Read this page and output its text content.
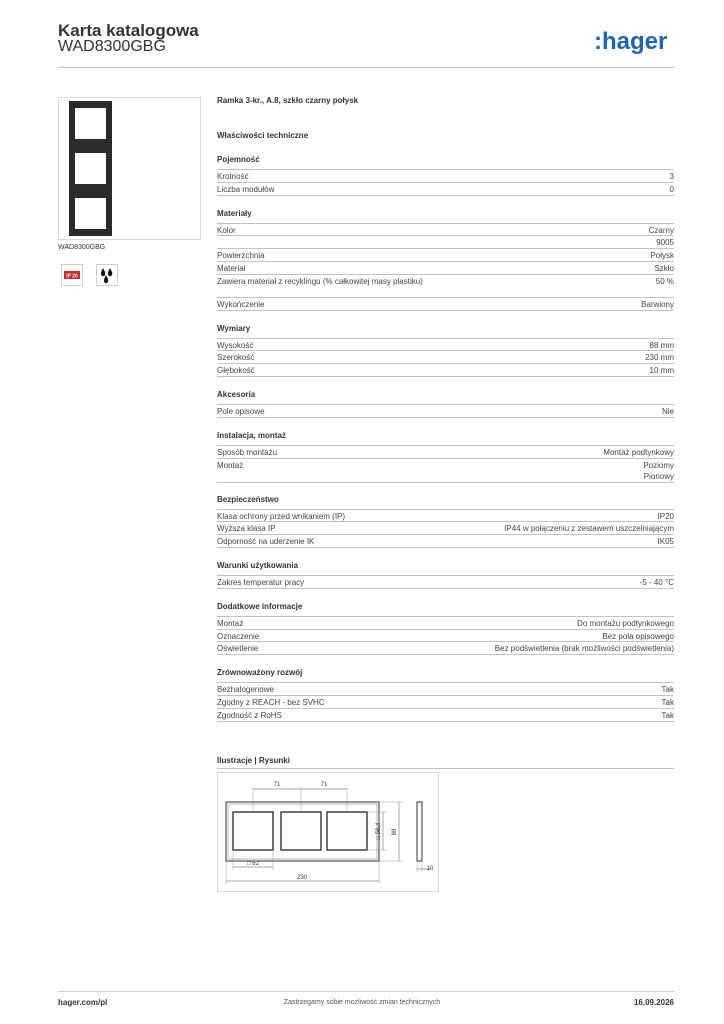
Karta katalogowa
WAD8300GBG	:hager
WAD8300GBG
IP 20
Ramka 3-kr., A.8, szkło czarny połysk
Właściwości techniczne
Pojemność
Krotność	3
Liczba modułów	0
Materiały
Kolor	Czarny
9005
Powierzchnia	Połysk
Materiał	Szkło
Zawiera materiał z recyklingu (% całkowitej masy plastiku)	50 %
Wykończenie	Barwiony
Wymiary
Wysokość	88 mm
Szerokość	230 mm
Głębokość	10 mm
Akcesoria
Pole opisowe	Nie
Instalacja, montaż
Sposób montażu	Montaż podtynkowy
Montaż	Poziomy
Pionowy
Bezpieczeństwo
Klasa ochrony przed wnikaniem (IP)	IP20
Wyższa klasa IP	IP44 w połączeniu z zestawem uszczelniającym
Odporność na uderzenie IK	IK05
Warunki użytkowania
Zakres temperatur pracy	-5 - 40 °C
Dodatkowe informacje
Montaż	Do montażu podtynkowego
Oznaczenie	Bez pola opisowego
Oświetlenie	Bez podświetlenia (brak możliwości podświetlenia)
Zrównoważony rozwój
Bezhalogenowe	Tak
Zgodny z REACH - bez SVHC	Tak
Zgodność z RoHS	Tak
Ilustracje | Rysunki
71	71
□ 56,4 88
□ 62
230
10
hager.com/pl	Zastrzegamy sobie możliwość zmian technicznych	16.09.2026
